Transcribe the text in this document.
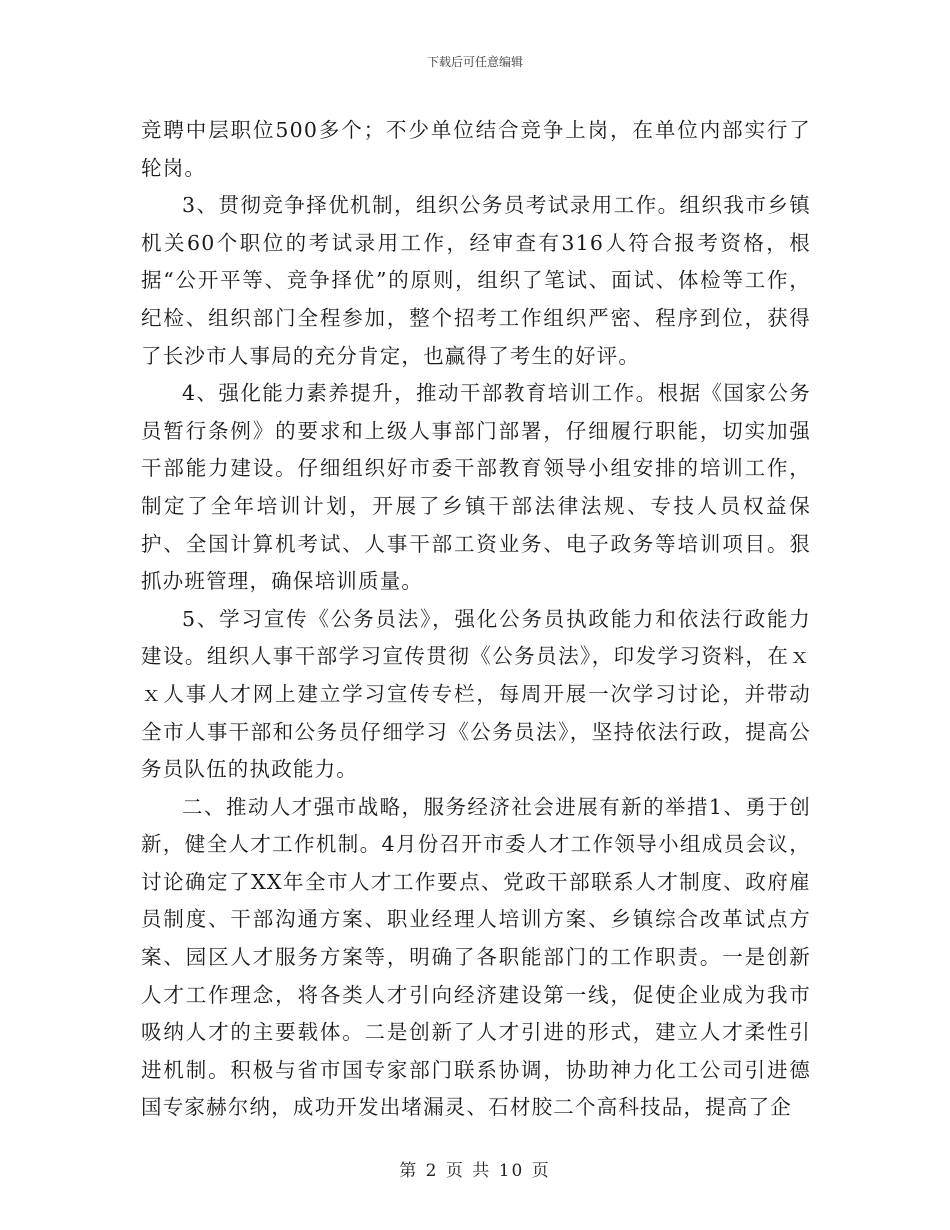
下载后可任意编辑

竞聘中层职位500多个；不少单位结合竞争上岗，在单位内部实行了轮岗。

3、贯彻竞争择优机制，组织公务员考试录用工作。组织我市乡镇机关60个职位的考试录用工作，经审查有316人符合报考资格，根据“公开平等、竞争择优”的原则，组织了笔试、面试、体检等工作，纪检、组织部门全程参加，整个招考工作组织严密、程序到位，获得了长沙市人事局的充分肯定，也赢得了考生的好评。

4、强化能力素养提升，推动干部教育培训工作。根据《国家公务员暂行条例》的要求和上级人事部门部署，仔细履行职能，切实加强干部能力建设。仔细组织好市委干部教育领导小组安排的培训工作，制定了全年培训计划，开展了乡镇干部法律法规、专技人员权益保护、全国计算机考试、人事干部工资业务、电子政务等培训项目。狠抓办班管理，确保培训质量。

5、学习宣传《公务员法》，强化公务员执政能力和依法行政能力建设。组织人事干部学习宣传贯彻《公务员法》，印发学习资料，在ｘｘ人事人才网上建立学习宣传专栏，每周开展一次学习讨论，并带动全市人事干部和公务员仔细学习《公务员法》，坚持依法行政，提高公务员队伍的执政能力。

二、推动人才强市战略，服务经济社会进展有新的举措1、勇于创新，健全人才工作机制。4月份召开市委人才工作领导小组成员会议，讨论确定了XX年全市人才工作要点、党政干部联系人才制度、政府雇员制度、干部沟通方案、职业经理人培训方案、乡镇综合改革试点方案、园区人才服务方案等，明确了各职能部门的工作职责。一是创新人才工作理念，将各类人才引向经济建设第一线，促使企业成为我市吸纳人才的主要载体。二是创新了人才引进的形式，建立人才柔性引进机制。积极与省市国专家部门联系协调，协助神力化工公司引进德国专家赫尔纳，成功开发出堵漏灵、石材胶二个高科技品，提高了企

第 2 页 共 10 页
